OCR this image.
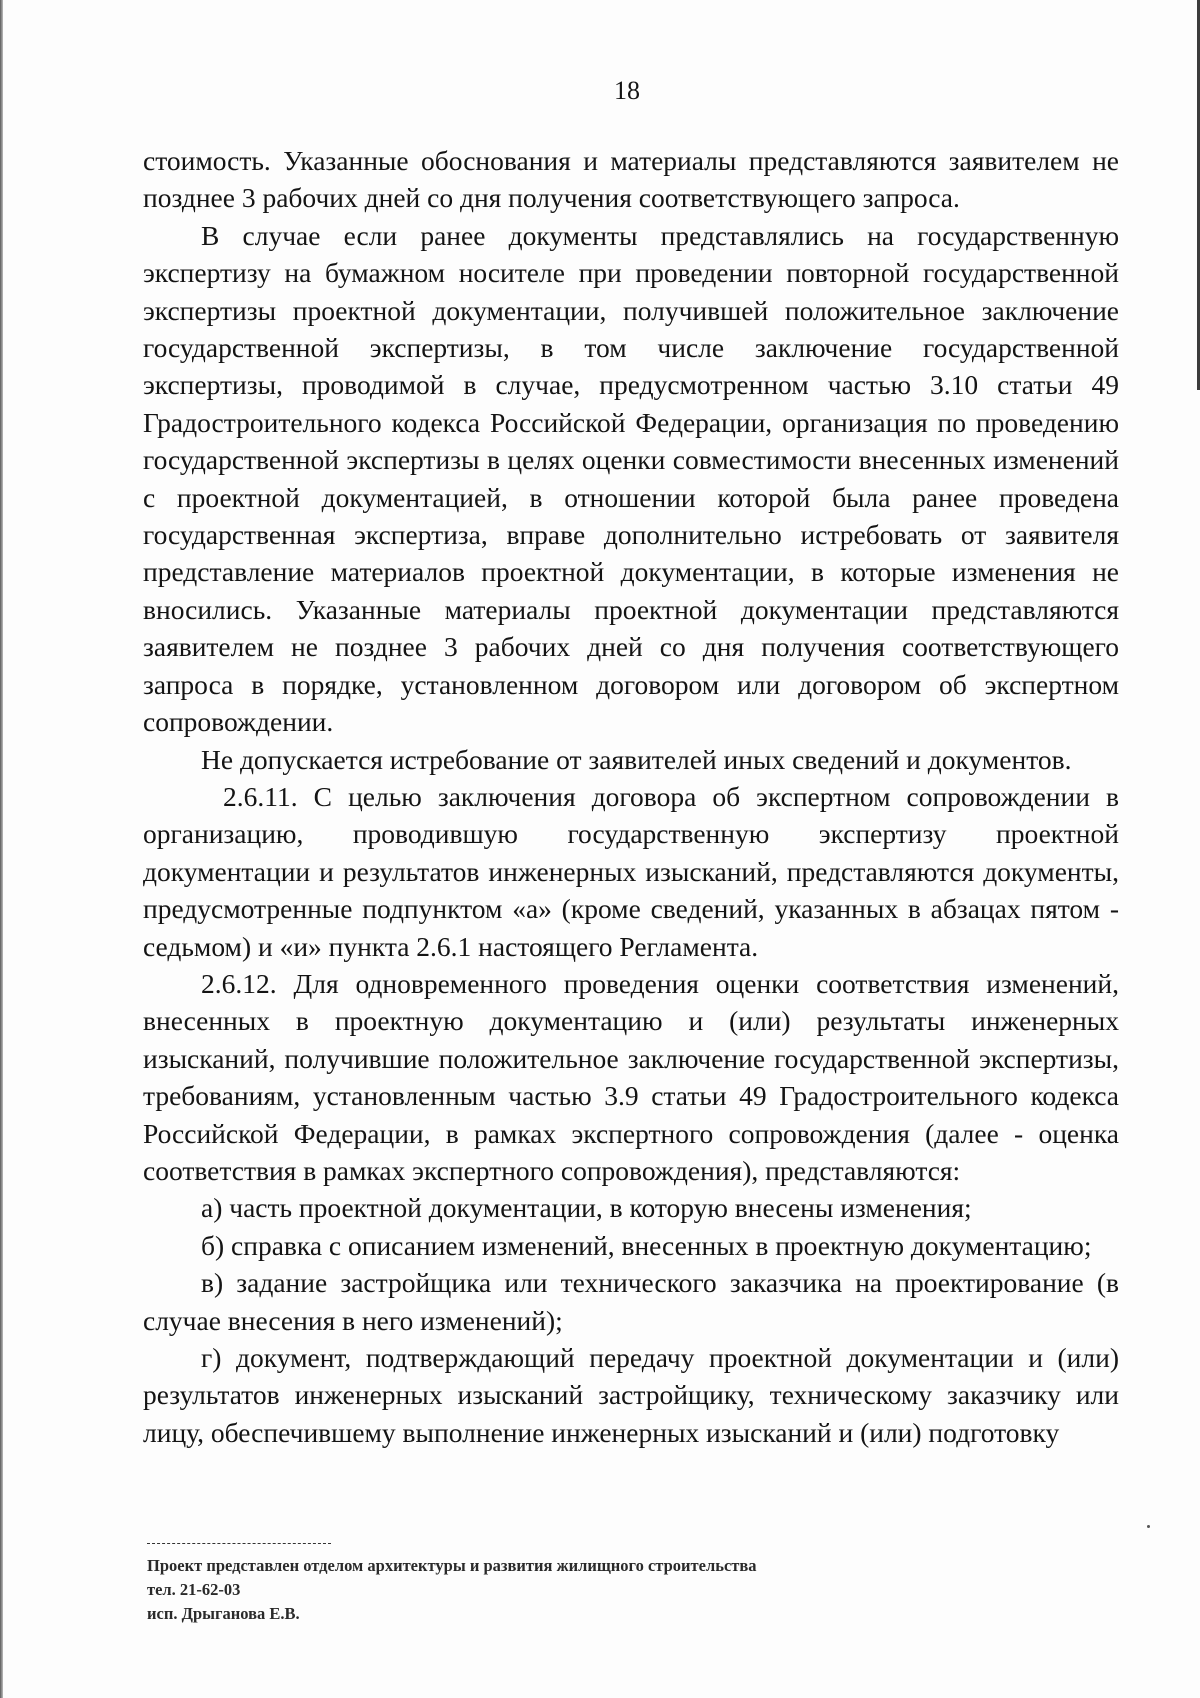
18

стоимость. Указанные обоснования и материалы представляются заявителем не позднее 3 рабочих дней со дня получения соответствующего запроса.

В случае если ранее документы представлялись на государственную экспертизу на бумажном носителе при проведении повторной государственной экспертизы проектной документации, получившей положительное заключение государственной экспертизы, в том числе заключение государственной экспертизы, проводимой в случае, предусмотренном частью 3.10 статьи 49 Градостроительного кодекса Российской Федерации, организация по проведению государственной экспертизы в целях оценки совместимости внесенных изменений с проектной документацией, в отношении которой была ранее проведена государственная экспертиза, вправе дополнительно истребовать от заявителя представление материалов проектной документации, в которые изменения не вносились. Указанные материалы проектной документации представляются заявителем не позднее 3 рабочих дней со дня получения соответствующего запроса в порядке, установленном договором или договором об экспертном сопровождении.

Не допускается истребование от заявителей иных сведений и документов.

2.6.11. С целью заключения договора об экспертном сопровождении в организацию, проводившую государственную экспертизу проектной документации и результатов инженерных изысканий, представляются документы, предусмотренные подпунктом «а» (кроме сведений, указанных в абзацах пятом - седьмом) и «и» пункта 2.6.1 настоящего Регламента.

2.6.12. Для одновременного проведения оценки соответствия изменений, внесенных в проектную документацию и (или) результаты инженерных изысканий, получившие положительное заключение государственной экспертизы, требованиям, установленным частью 3.9 статьи 49 Градостроительного кодекса Российской Федерации, в рамках экспертного сопровождения (далее - оценка соответствия в рамках экспертного сопровождения), представляются:

а) часть проектной документации, в которую внесены изменения;

б) справка с описанием изменений, внесенных в проектную документацию;

в) задание застройщика или технического заказчика на проектирование (в случае внесения в него изменений);

г) документ, подтверждающий передачу проектной документации и (или) результатов инженерных изысканий застройщику, техническому заказчику или лицу, обеспечившему выполнение инженерных изысканий и (или) подготовку

Проект представлен отделом архитектуры и развития жилищного строительства
тел. 21-62-03
исп. Дрыганова Е.В.
